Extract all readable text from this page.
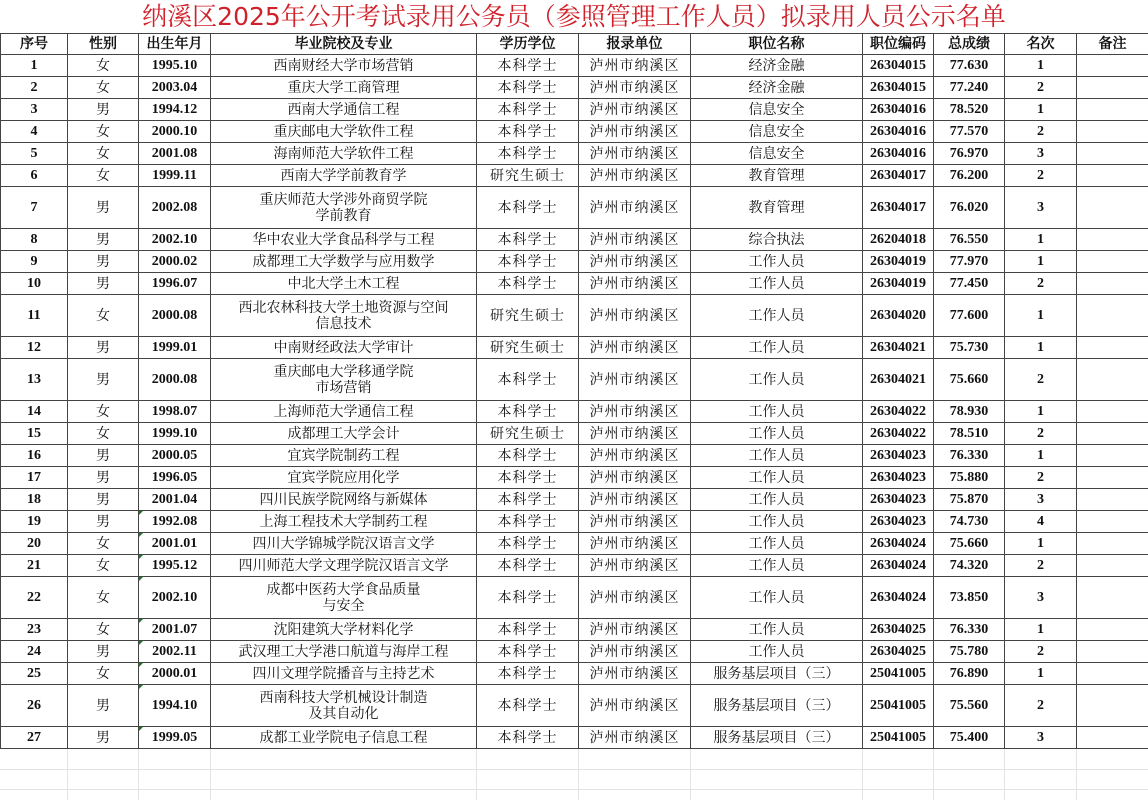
纳溪区2025年公开考试录用公务员（参照管理工作人员）拟录用人员公示名单
序号	性别	出生年月	毕业院校及专业	学历学位	报录单位	职位名称	职位编码	总成绩	名次	备注
1	女	1995.10	西南财经大学市场营销	本科学士	泸州市纳溪区	经济金融	26304015	77.630	1	
2	女	2003.04	重庆大学工商管理	本科学士	泸州市纳溪区	经济金融	26304015	77.240	2	
3	男	1994.12	西南大学通信工程	本科学士	泸州市纳溪区	信息安全	26304016	78.520	1	
4	女	2000.10	重庆邮电大学软件工程	本科学士	泸州市纳溪区	信息安全	26304016	77.570	2	
5	女	2001.08	海南师范大学软件工程	本科学士	泸州市纳溪区	信息安全	26304016	76.970	3	
6	女	1999.11	西南大学学前教育学	研究生硕士	泸州市纳溪区	教育管理	26304017	76.200	2	
7	男	2002.08	重庆师范大学涉外商贸学院
学前教育	本科学士	泸州市纳溪区	教育管理	26304017	76.020	3	
8	男	2002.10	华中农业大学食品科学与工程	本科学士	泸州市纳溪区	综合执法	26204018	76.550	1	
9	男	2000.02	成都理工大学数学与应用数学	本科学士	泸州市纳溪区	工作人员	26304019	77.970	1	
10	男	1996.07	中北大学土木工程	本科学士	泸州市纳溪区	工作人员	26304019	77.450	2	
11	女	2000.08	西北农林科技大学土地资源与空间
信息技术	研究生硕士	泸州市纳溪区	工作人员	26304020	77.600	1	
12	男	1999.01	中南财经政法大学审计	研究生硕士	泸州市纳溪区	工作人员	26304021	75.730	1	
13	男	2000.08	重庆邮电大学移通学院
市场营销	本科学士	泸州市纳溪区	工作人员	26304021	75.660	2	
14	女	1998.07	上海师范大学通信工程	本科学士	泸州市纳溪区	工作人员	26304022	78.930	1	
15	女	1999.10	成都理工大学会计	研究生硕士	泸州市纳溪区	工作人员	26304022	78.510	2	
16	男	2000.05	宜宾学院制药工程	本科学士	泸州市纳溪区	工作人员	26304023	76.330	1	
17	男	1996.05	宜宾学院应用化学	本科学士	泸州市纳溪区	工作人员	26304023	75.880	2	
18	男	2001.04	四川民族学院网络与新媒体	本科学士	泸州市纳溪区	工作人员	26304023	75.870	3	
19	男	1992.08	上海工程技术大学制药工程	本科学士	泸州市纳溪区	工作人员	26304023	74.730	4	
20	女	2001.01	四川大学锦城学院汉语言文学	本科学士	泸州市纳溪区	工作人员	26304024	75.660	1	
21	女	1995.12	四川师范大学文理学院汉语言文学	本科学士	泸州市纳溪区	工作人员	26304024	74.320	2	
22	女	2002.10	成都中医药大学食品质量
与安全	本科学士	泸州市纳溪区	工作人员	26304024	73.850	3	
23	女	2001.07	沈阳建筑大学材料化学	本科学士	泸州市纳溪区	工作人员	26304025	76.330	1	
24	男	2002.11	武汉理工大学港口航道与海岸工程	本科学士	泸州市纳溪区	工作人员	26304025	75.780	2	
25	女	2000.01	四川文理学院播音与主持艺术	本科学士	泸州市纳溪区	服务基层项目（三）	25041005	76.890	1	
26	男	1994.10	西南科技大学机械设计制造
及其自动化	本科学士	泸州市纳溪区	服务基层项目（三）	25041005	75.560	2	
27	男	1999.05	成都工业学院电子信息工程	本科学士	泸州市纳溪区	服务基层项目（三）	25041005	75.400	3	
